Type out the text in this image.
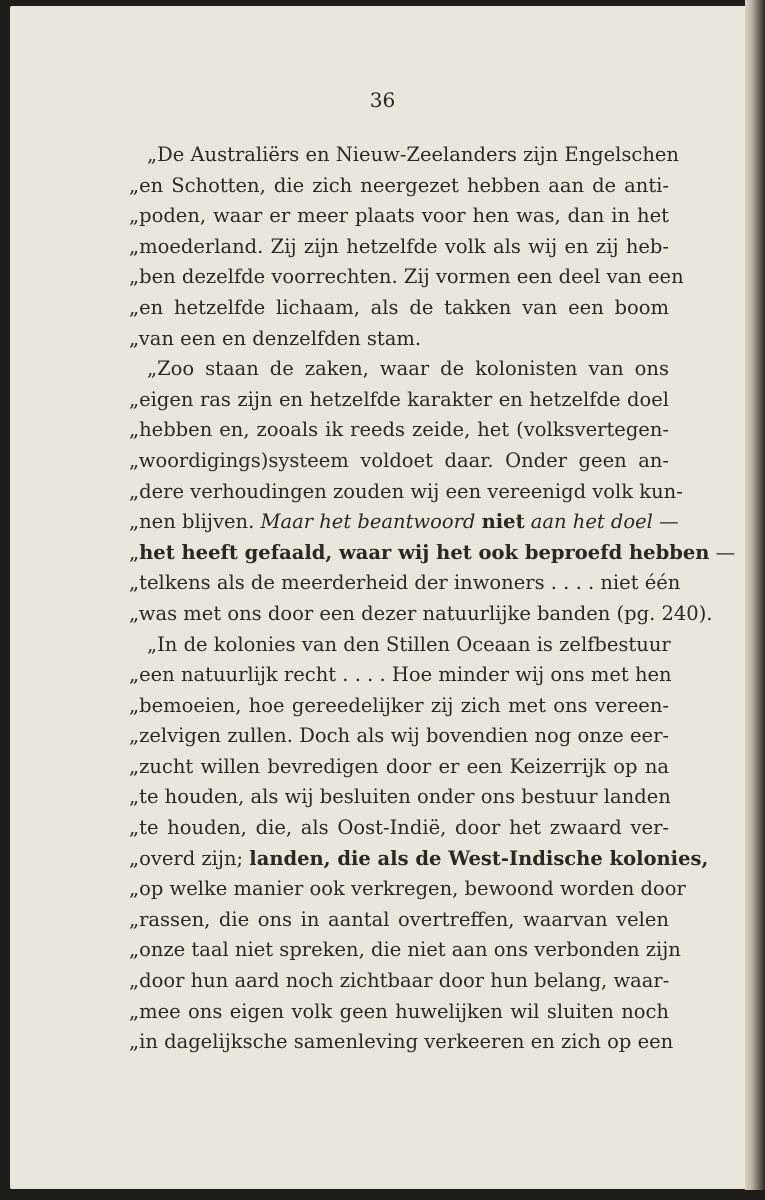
36
„De Australiërs en Nieuw-Zeelanders zijn Engelschen
„en Schotten, die zich neergezet hebben aan de anti-
„poden, waar er meer plaats voor hen was, dan in het
„moederland. Zij zijn hetzelfde volk als wij en zij heb-
„ben dezelfde voorrechten. Zij vormen een deel van een
„en hetzelfde lichaam, als de takken van een boom
„van een en denzelfden stam.
„Zoo staan de zaken, waar de kolonisten van ons
„eigen ras zijn en hetzelfde karakter en hetzelfde doel
„hebben en, zooals ik reeds zeide, het (volksvertegen-
„woordigings)systeem voldoet daar. Onder geen an-
„dere verhoudingen zouden wij een vereenigd volk kun-
„nen blijven. Maar het beantwoord niet aan het doel —
„het heeft gefaald, waar wij het ook beproefd hebben —
„telkens als de meerderheid der inwoners . . . . niet één
„was met ons door een dezer natuurlijke banden (pg. 240).
„In de kolonies van den Stillen Oceaan is zelfbestuur
„een natuurlijk recht . . . . Hoe minder wij ons met hen
„bemoeien, hoe gereedelijker zij zich met ons vereen-
„zelvigen zullen. Doch als wij bovendien nog onze eer-
„zucht willen bevredigen door er een Keizerrijk op na
„te houden, als wij besluiten onder ons bestuur landen
„te houden, die, als Oost-Indië, door het zwaard ver-
„overd zijn; landen, die als de West-Indische kolonies,
„op welke manier ook verkregen, bewoond worden door
„rassen, die ons in aantal overtreffen, waarvan velen
„onze taal niet spreken, die niet aan ons verbonden zijn
„door hun aard noch zichtbaar door hun belang, waar-
„mee ons eigen volk geen huwelijken wil sluiten noch
„in dagelijksche samenleving verkeeren en zich op een
